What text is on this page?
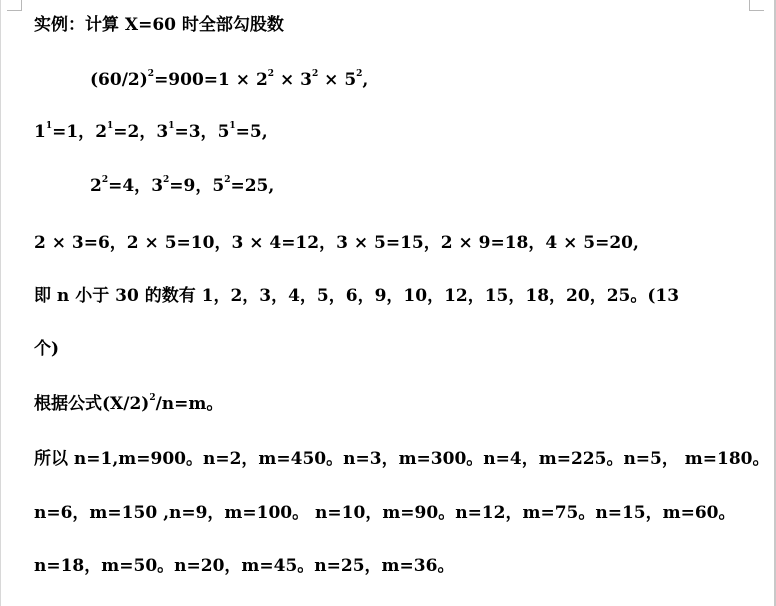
实例：计算 X=60 时全部勾股数
$(60/2)^2=900=1 \times 2^2 \times 3^2 \times 5^2$,
$1^1=1$，$2^1=2$，$3^1=3$，$5^1=5$,
$2^2=4$，$3^2=9$，$5^2=25$,
2 × 3=6，2 × 5=10，3 × 4=12，3 × 5=15，2 × 9=18，4 × 5=20,
即 n 小于 30 的数有 1，2，3，4，5，6，9，10，12，15，18，20，25。(13
个)
根据公式$(X/2)^2/n=m$。
所以 n=1,m=900。n=2，m=450。n=3，m=300。n=4，m=225。n=5， m=180。
n=6，m=150 ,n=9，m=100。 n=10，m=90。n=12，m=75。n=15，m=60。
n=18，m=50。n=20，m=45。n=25，m=36。
